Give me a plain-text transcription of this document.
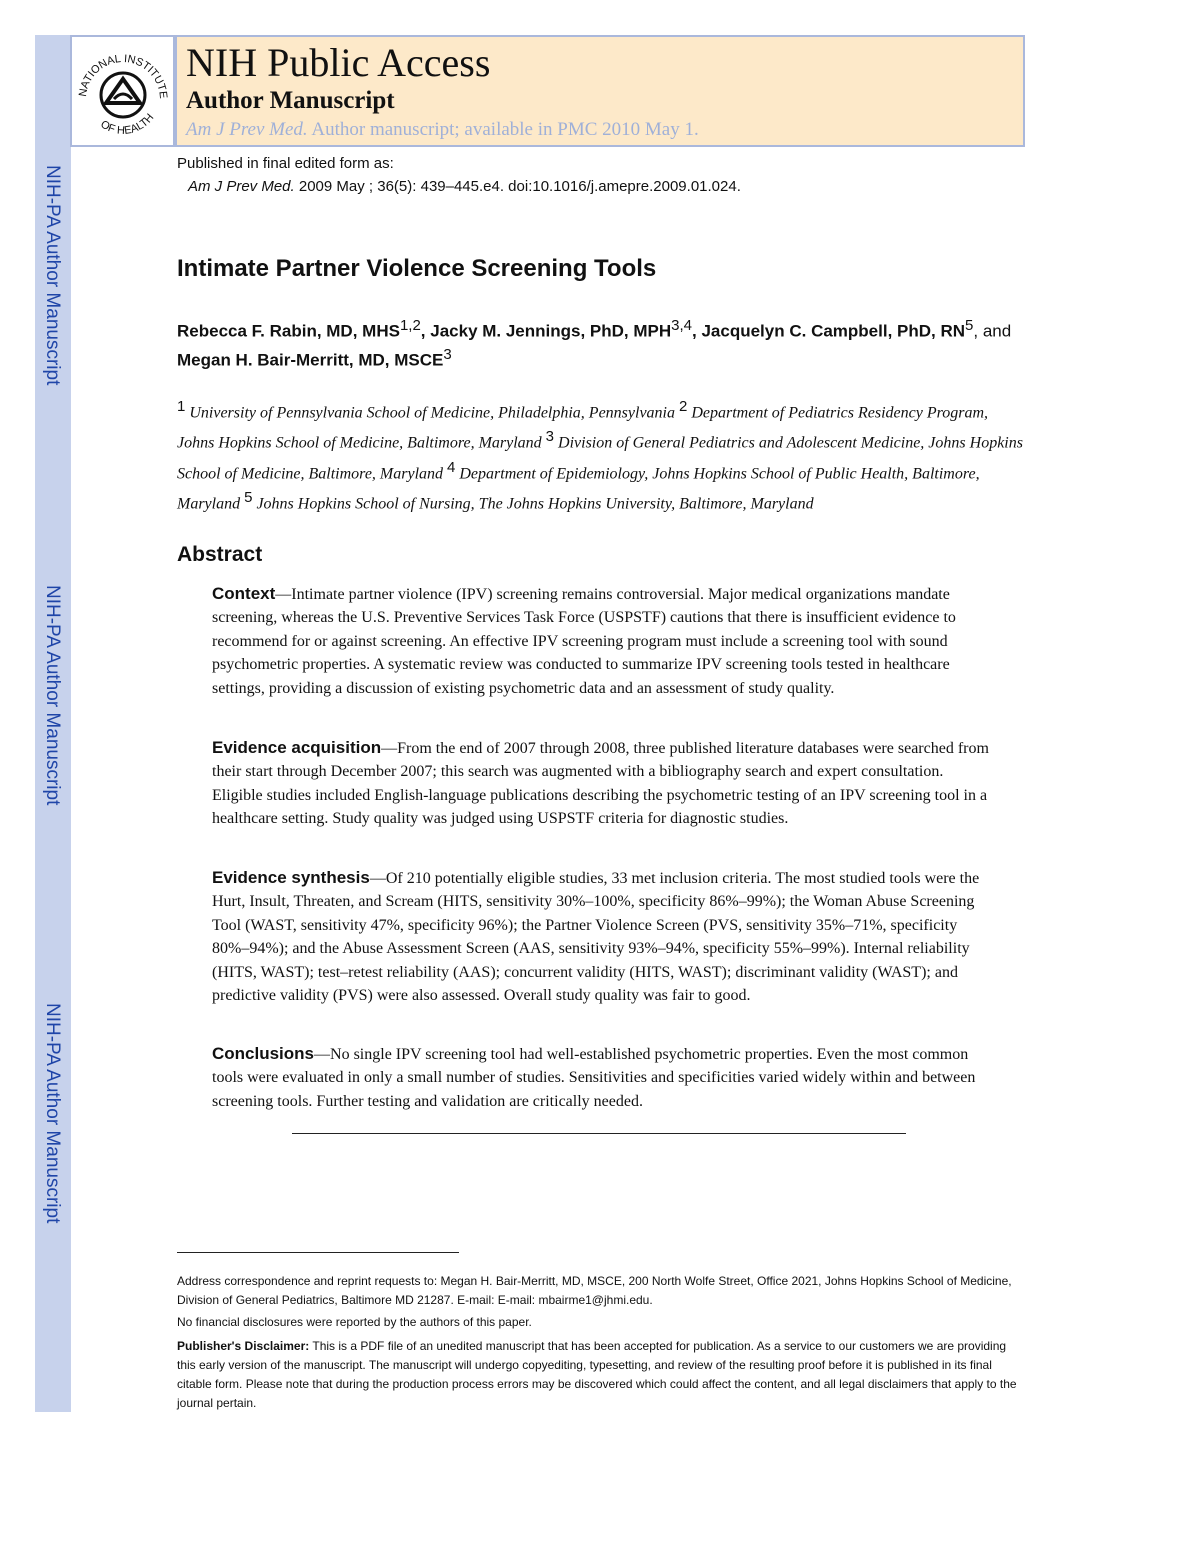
NIH-PA Author Manuscript
NIH-PA Author Manuscript
NIH-PA Author Manuscript
NATIONAL INSTITUTE
OF HEALTH
NIH Public Access
Author Manuscript
Am J Prev Med. Author manuscript; available in PMC 2010 May 1.
Published in final edited form as:
Am J Prev Med. 2009 May ; 36(5): 439–445.e4. doi:10.1016/j.amepre.2009.01.024.
Intimate Partner Violence Screening Tools
Rebecca F. Rabin, MD, MHS$^{1,2}$, Jacky M. Jennings, PhD, MPH$^{3,4}$, Jacquelyn C. Campbell, PhD, $RN^5$, and Megan H. Bair-Merritt, MD, MSCE$^3$
$^1$ University of Pennsylvania School of Medicine, Philadelphia, Pennsylvania $^2$ Department of Pediatrics Residency Program, Johns Hopkins School of Medicine, Baltimore, Maryland $^3$ Division of General Pediatrics and Adolescent Medicine, Johns Hopkins School of Medicine, Baltimore, Maryland $^4$ Department of Epidemiology, Johns Hopkins School of Public Health, Baltimore, Maryland $^5$ Johns Hopkins School of Nursing, The Johns Hopkins University, Baltimore, Maryland
Abstract
Context—Intimate partner violence (IPV) screening remains controversial. Major medical organizations mandate screening, whereas the U.S. Preventive Services Task Force (USPSTF) cautions that there is insufficient evidence to recommend for or against screening. An effective IPV screening program must include a screening tool with sound psychometric properties. A systematic review was conducted to summarize IPV screening tools tested in healthcare settings, providing a discussion of existing psychometric data and an assessment of study quality.
Evidence acquisition—From the end of 2007 through 2008, three published literature databases were searched from their start through December 2007; this search was augmented with a bibliography search and expert consultation. Eligible studies included English-language publications describing the psychometric testing of an IPV screening tool in a healthcare setting. Study quality was judged using USPSTF criteria for diagnostic studies.
Evidence synthesis—Of 210 potentially eligible studies, 33 met inclusion criteria. The most studied tools were the Hurt, Insult, Threaten, and Scream (HITS, sensitivity 30%–100%, specificity 86%–99%); the Woman Abuse Screening Tool (WAST, sensitivity 47%, specificity 96%); the Partner Violence Screen (PVS, sensitivity 35%–71%, specificity 80%–94%); and the Abuse Assessment Screen (AAS, sensitivity 93%–94%, specificity 55%–99%). Internal reliability (HITS, WAST); test–retest reliability (AAS); concurrent validity (HITS, WAST); discriminant validity (WAST); and predictive validity (PVS) were also assessed. Overall study quality was fair to good.
Conclusions—No single IPV screening tool had well-established psychometric properties. Even the most common tools were evaluated in only a small number of studies. Sensitivities and specificities varied widely within and between screening tools. Further testing and validation are critically needed.
Address correspondence and reprint requests to: Megan H. Bair-Merritt, MD, MSCE, 200 North Wolfe Street, Office 2021, Johns Hopkins School of Medicine, Division of General Pediatrics, Baltimore MD 21287. E-mail: E-mail: mbairme1@jhmi.edu.
No financial disclosures were reported by the authors of this paper.
Publisher's Disclaimer: This is a PDF file of an unedited manuscript that has been accepted for publication. As a service to our customers we are providing this early version of the manuscript. The manuscript will undergo copyediting, typesetting, and review of the resulting proof before it is published in its final citable form. Please note that during the production process errors may be discovered which could affect the content, and all legal disclaimers that apply to the journal pertain.
